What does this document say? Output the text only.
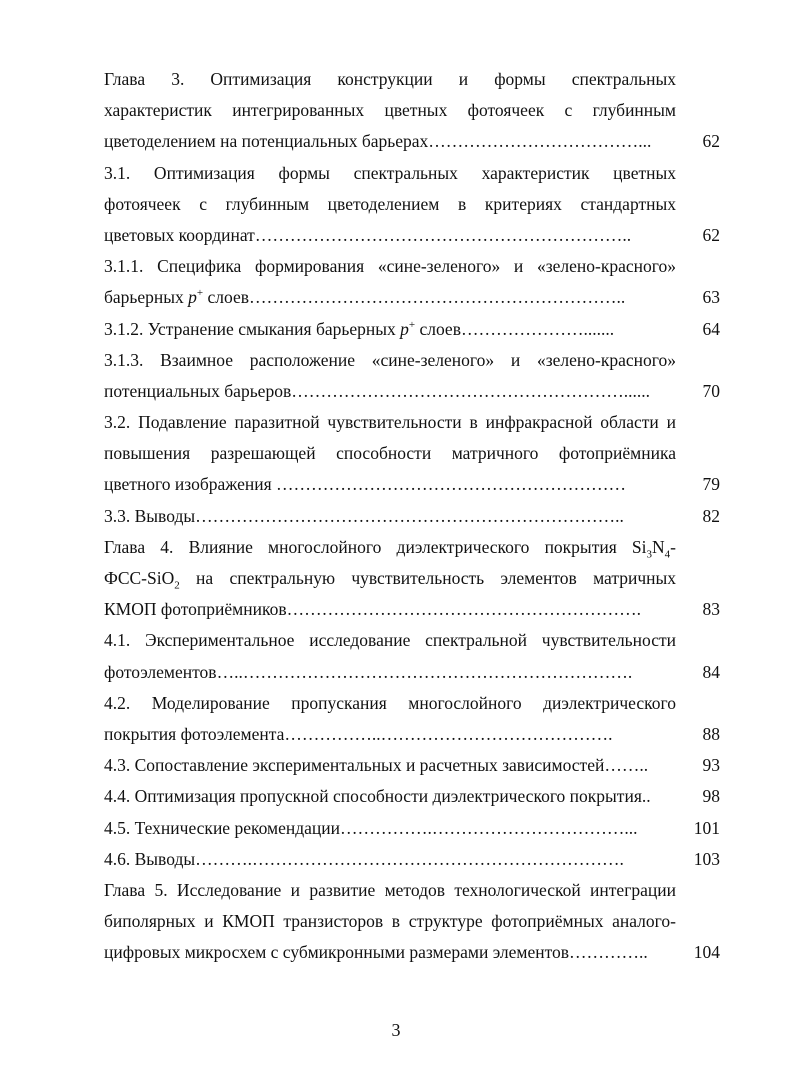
Глава 3. Оптимизация конструкции и формы спектральных
характеристик интегрированных цветных фотоячеек с глубинным
цветоделением на потенциальных барьерах………………………………...	62
3.1. Оптимизация формы спектральных характеристик цветных
фотоячеек с глубинным цветоделением в критериях стандартных
цветовых координат………………………………………………………..	62
3.1.1. Специфика формирования «сине-зеленого» и «зелено-красного»
барьерных p+ слоев………………………………………………………..	63
3.1.2. Устранение смыкания барьерных p+ слоев………………….......	64
3.1.3. Взаимное расположение «сине-зеленого» и «зелено-красного»
потенциальных барьеров…………………………………………………......	70
3.2. Подавление паразитной чувствительности в инфракрасной области и
повышения разрешающей способности матричного фотоприёмника
цветного изображения ……………………………………………………	79
3.3. Выводы………………………………………………………………..	82
Глава 4. Влияние многослойного диэлектрического покрытия $Si_3N_4-$
ФСС-SiO$_2$ на спектральную чувствительность элементов матричных
КМОП фотоприёмников…………………………………………………….	83
4.1. Экспериментальное исследование спектральной чувствительности
фотоэлементов…..………………………………………………………….	84
4.2. Моделирование пропускания многослойного диэлектрического
покрытия фотоэлемента……………..………………………………….	88
4.3. Сопоставление экспериментальных и расчетных зависимостей……..	93
4.4. Оптимизация пропускной способности диэлектрического покрытия..	98
4.5. Технические рекомендации…………….……………………………...	101
4.6. Выводы……….……………………………………………………….	103
Глава 5. Исследование и развитие методов технологической интеграции
биполярных и КМОП транзисторов в структуре фотоприёмных аналого-
цифровых микросхем с субмикронными размерами элементов…………..	104
3
